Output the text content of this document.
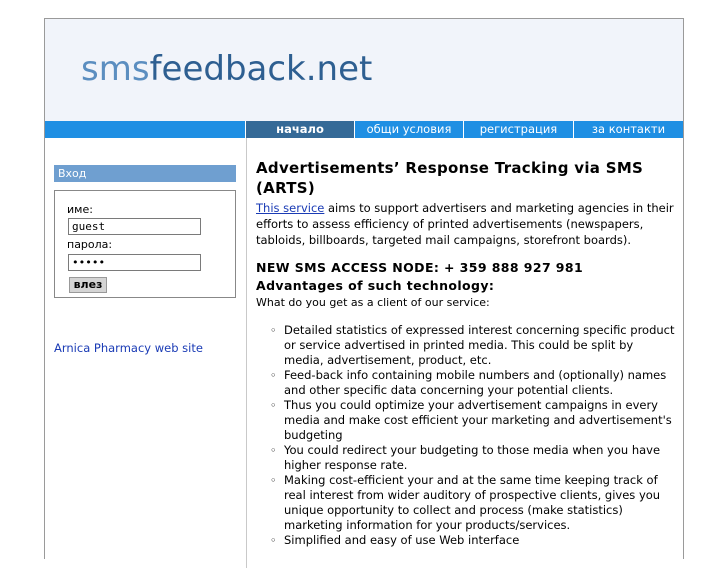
smsfeedback.net
начало	общи условия	регистрация	за контакти
Вход
име:
guest
парола:
•••••
влез
Arnica Pharmacy web site
Advertisements’ Response Tracking via SMS (ARTS)
This service aims to support advertisers and marketing agencies in their efforts to assess efficiency of printed advertisements (newspapers, tabloids, billboards, targeted mail campaigns, storefront boards).
NEW SMS ACCESS NODE: + 359 888 927 981
Advantages of such technology:
What do you get as a client of our service:
◦ Detailed statistics of expressed interest concerning specific product or service advertised in printed media. This could be split by media, advertisement, product, etc.
◦ Feed-back info containing mobile numbers and (optionally) names and other specific data concerning your potential clients.
◦ Thus you could optimize your advertisement campaigns in every media and make cost efficient your marketing and advertisement's budgeting
◦ You could redirect your budgeting to those media when you have higher response rate.
◦ Making cost-efficient your and at the same time keeping track of real interest from wider auditory of prospective clients, gives you unique opportunity to collect and process (make statistics) marketing information for your products/services.
◦ Simplified and easy of use Web interface
